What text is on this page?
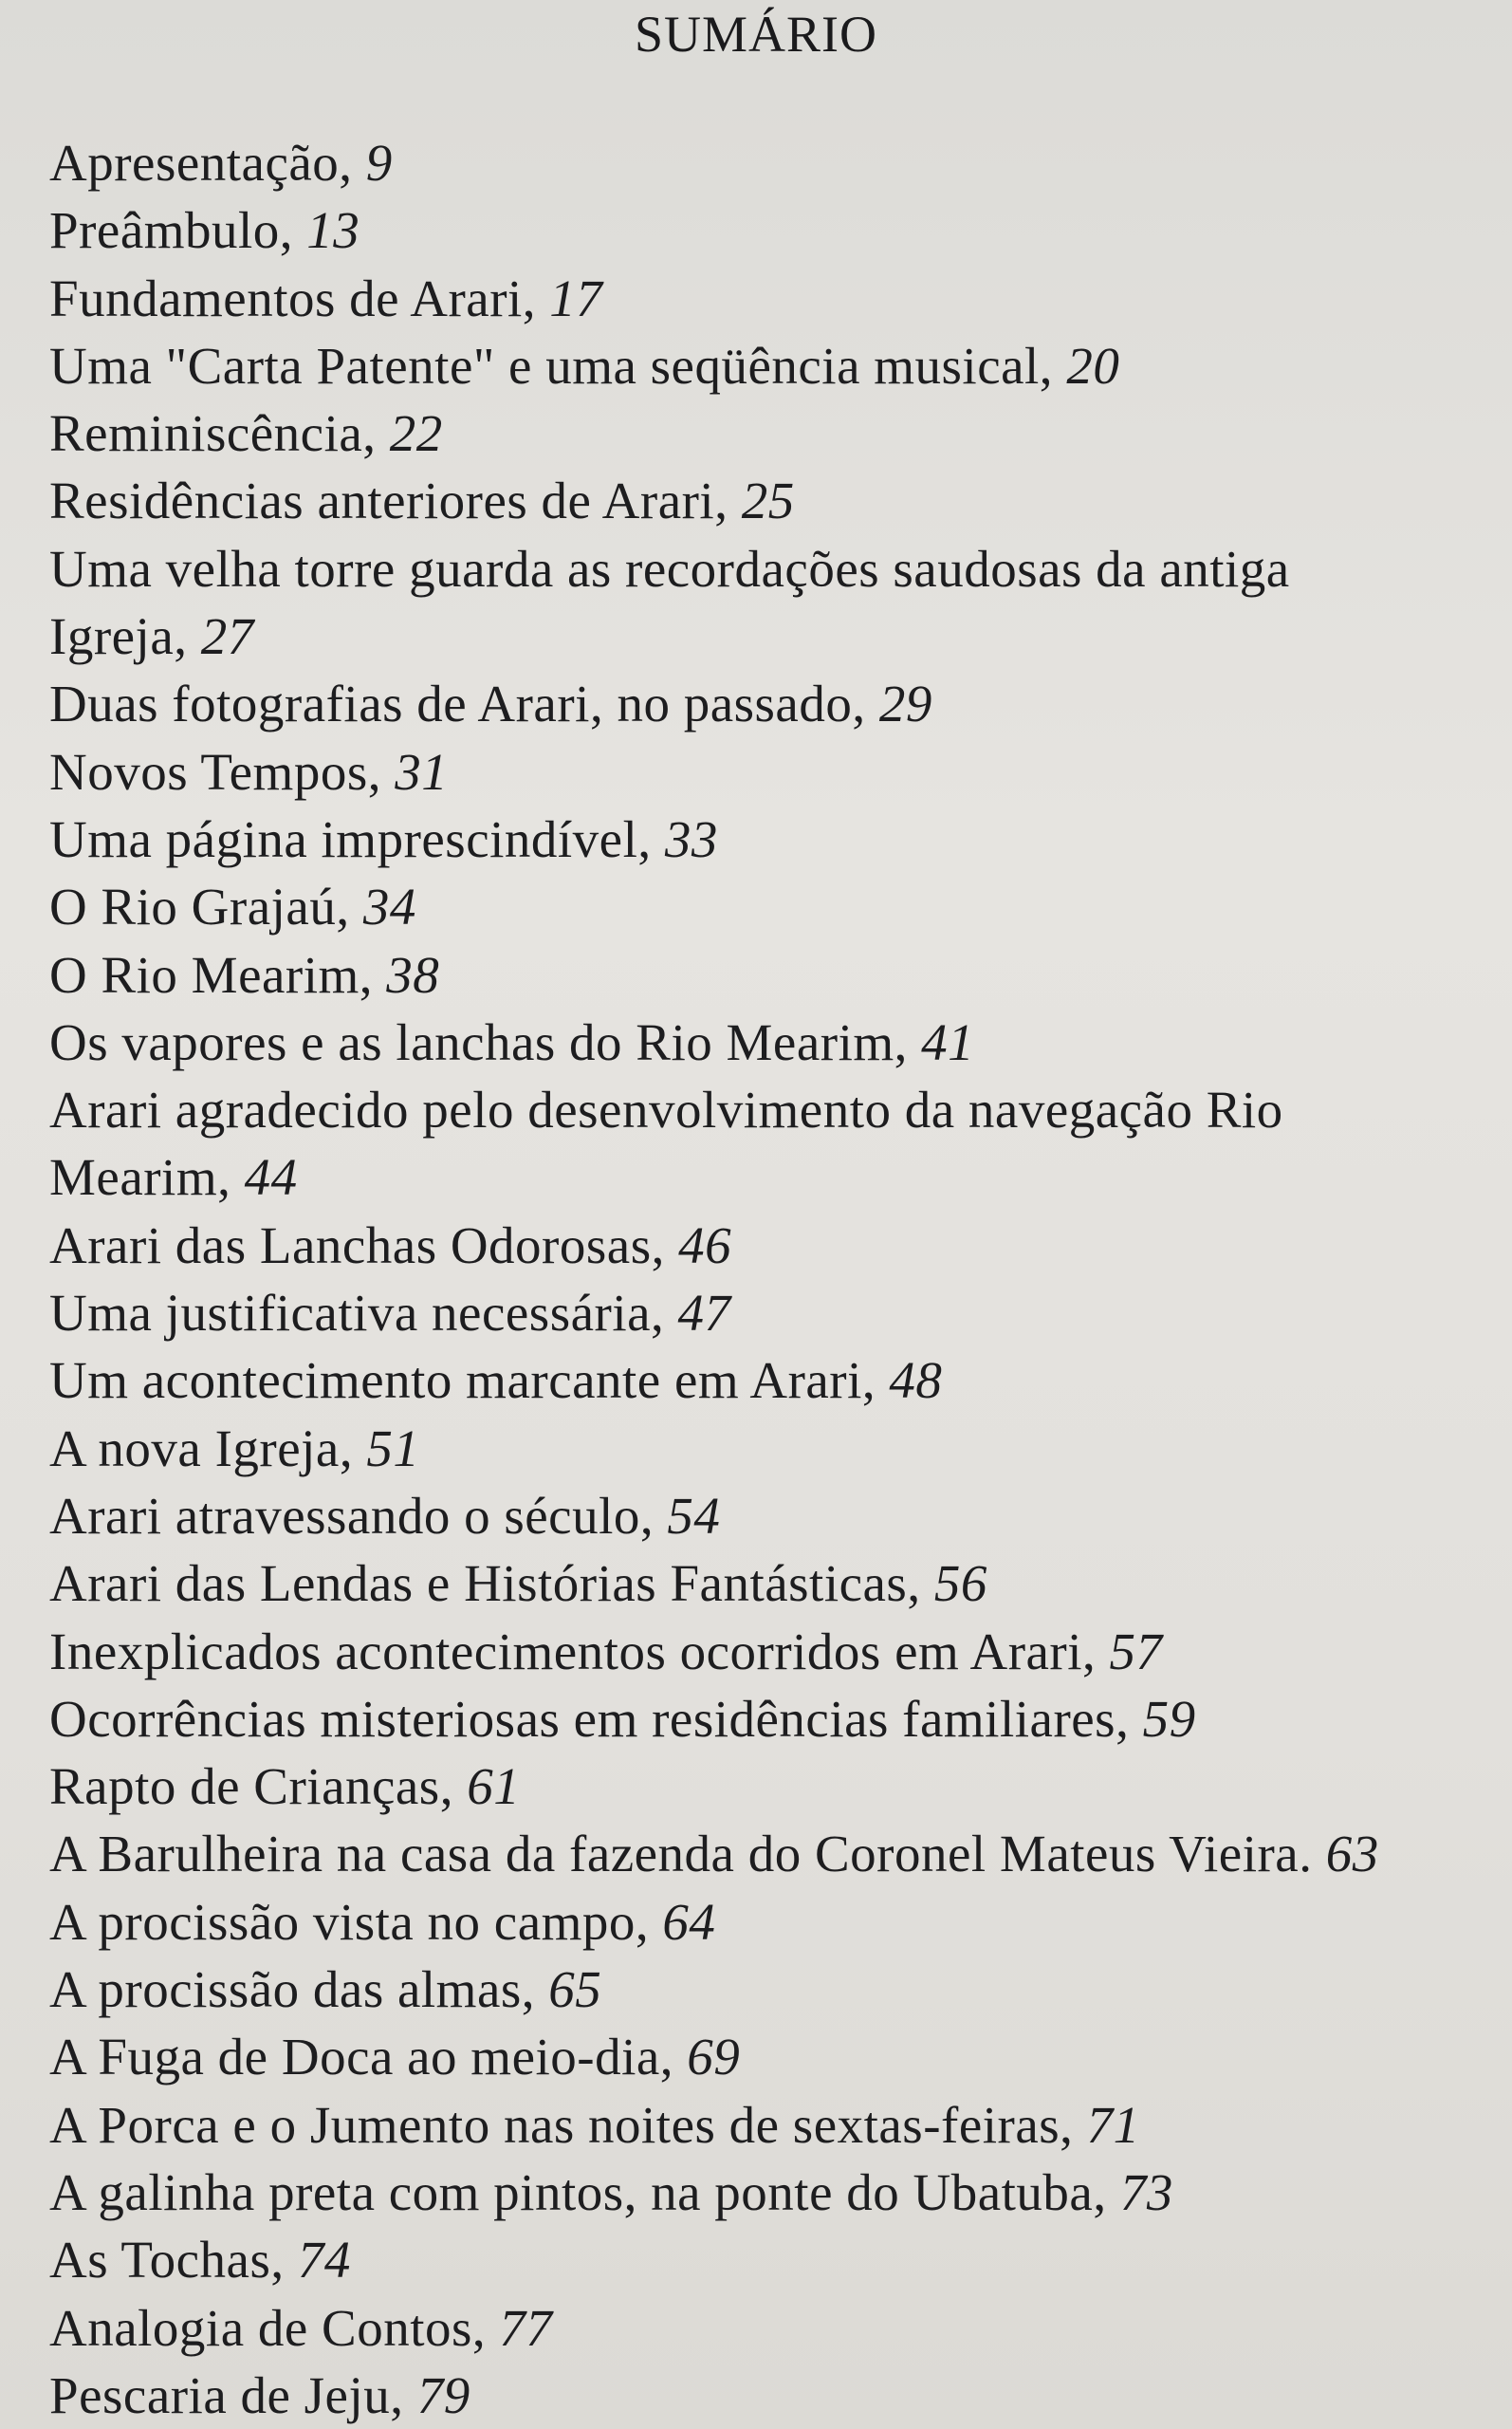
SUMÁRIO
Apresentação, 9
Preâmbulo, 13
Fundamentos de Arari, 17
Uma "Carta Patente" e uma seqüência musical, 20
Reminiscência, 22
Residências anteriores de Arari, 25
Uma velha torre guarda as recordações saudosas da antiga
Igreja, 27
Duas fotografias de Arari, no passado, 29
Novos Tempos, 31
Uma página imprescindível, 33
O Rio Grajaú, 34
O Rio Mearim, 38
Os vapores e as lanchas do Rio Mearim, 41
Arari agradecido pelo desenvolvimento da navegação Rio
Mearim, 44
Arari das Lanchas Odorosas, 46
Uma justificativa necessária, 47
Um acontecimento marcante em Arari, 48
A nova Igreja, 51
Arari atravessando o século, 54
Arari das Lendas e Histórias Fantásticas, 56
Inexplicados acontecimentos ocorridos em Arari, 57
Ocorrências misteriosas em residências familiares, 59
Rapto de Crianças, 61
A Barulheira na casa da fazenda do Coronel Mateus Vieira. 63
A procissão vista no campo, 64
A procissão das almas, 65
A Fuga de Doca ao meio-dia, 69
A Porca e o Jumento nas noites de sextas-feiras, 71
A galinha preta com pintos, na ponte do Ubatuba, 73
As Tochas, 74
Analogia de Contos, 77
Pescaria de Jeju, 79
